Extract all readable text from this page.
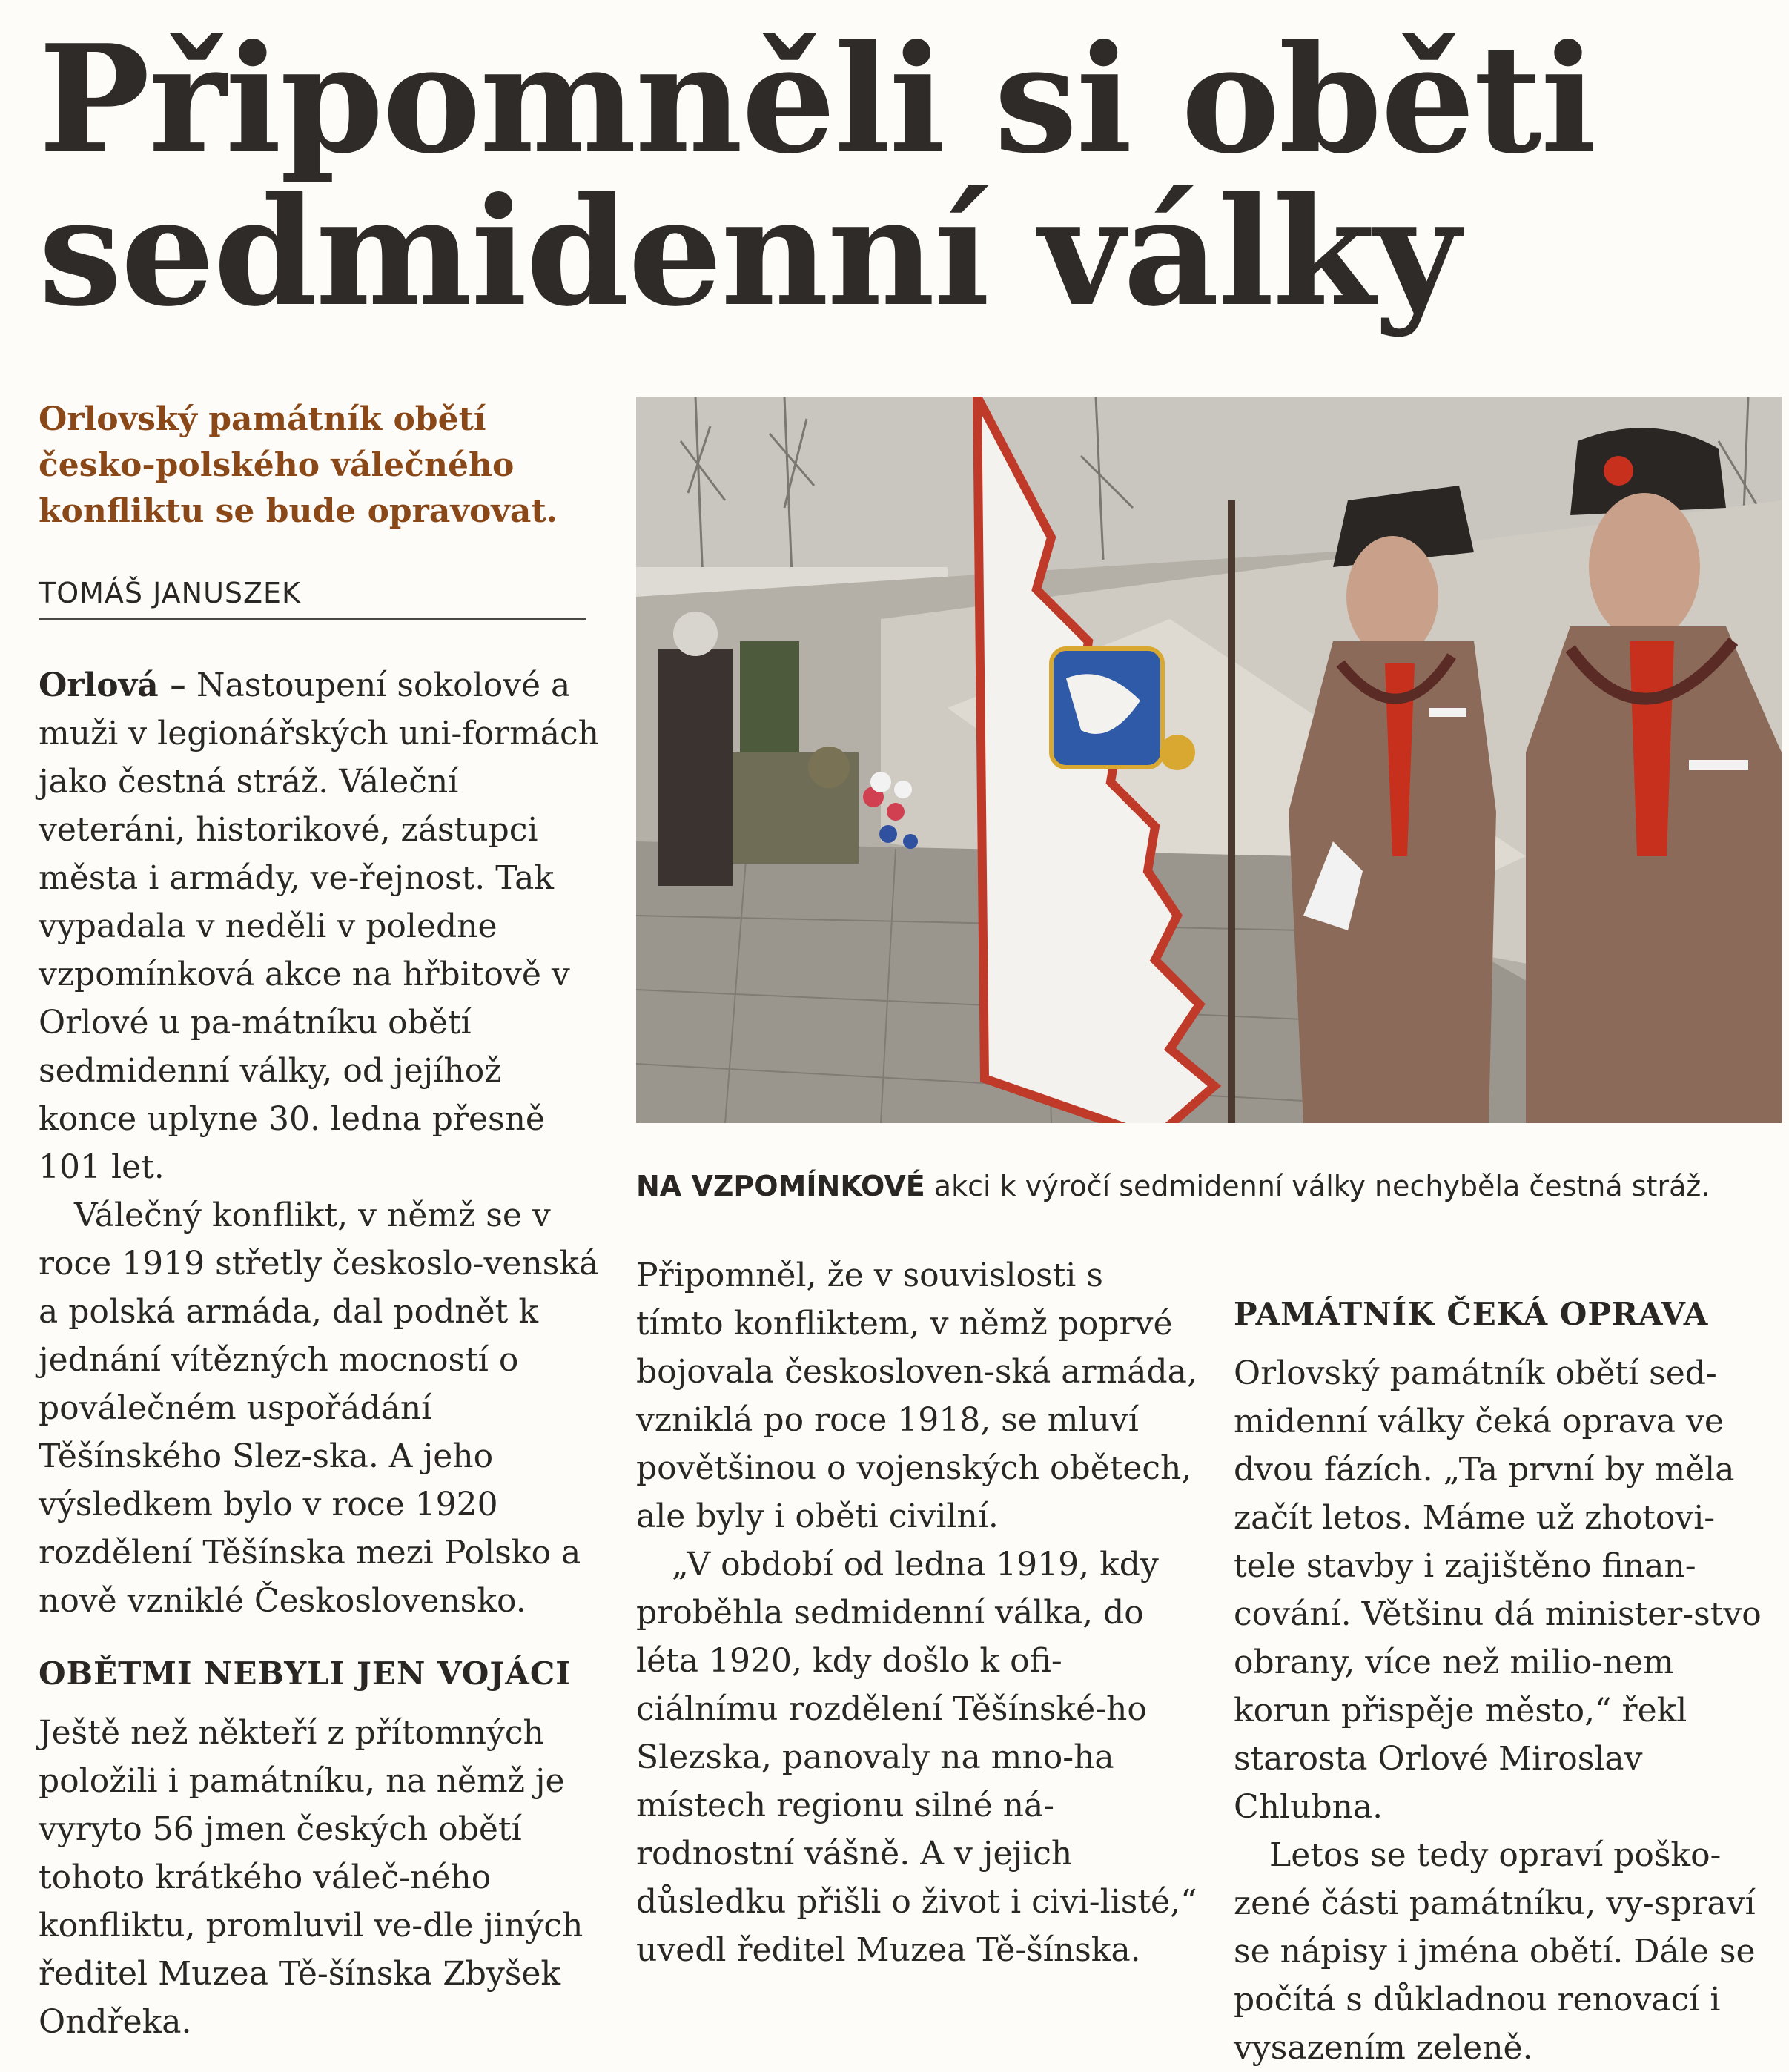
Připomněli si oběti
sedmidenní války
Orlovský památník obětí
česko-polského válečného
konfliktu se bude opravovat.
TOMÁŠ JANUSZEK

Orlová – Nastoupení sokolové a muži v legionářských uni-formách jako čestná stráž. Váleční veteráni, historikové, zástupci města i armády, ve-řejnost. Tak vypadala v neděli v poledne vzpomínková akce na hřbitově v Orlové u pa-mátníku obětí sedmidenní války, od jejíhož konce uplyne 30. ledna přesně 101 let.

Válečný konflikt, v němž se v roce 1919 střetly českoslo-venská a polská armáda, dal podnět k jednání vítězných mocností o poválečném uspořádání Těšínského Slez-ska. A jeho výsledkem bylo v roce 1920 rozdělení Těšínska mezi Polsko a nově vzniklé Československo.

OBĚTMI NEBYLI JEN VOJÁCI

Ještě než někteří z přítomných položili i památníku, na němž je vyryto 56 jmen českých obětí tohoto krátkého váleč-ného konfliktu, promluvil ve-dle jiných ředitel Muzea Tě-šínska Zbyšek Ondřeka.

NA VZPOMÍNKOVÉ akci k výročí sedmidenní války nechyběla čestná stráž.

Připomněl, že v souvislosti s tímto konfliktem, v němž poprvé bojovala českosloven-ská armáda, vzniklá po roce 1918, se mluví povětšinou o vojenských obětech, ale byly i oběti civilní.

„V období od ledna 1919, kdy proběhla sedmidenní válka, do léta 1920, kdy došlo k ofi-ciálnímu rozdělení Těšínské-ho Slezska, panovaly na mno-ha místech regionu silné ná-rodnostní vášně. A v jejich důsledku přišli o život i civi-listé,“ uvedl ředitel Muzea Tě-šínska.

PAMÁTNÍK ČEKÁ OPRAVA

Orlovský památník obětí sed-midenní války čeká oprava ve dvou fázích. „Ta první by měla začít letos. Máme už zhotovi-tele stavby i zajištěno finan-cování. Většinu dá minister-stvo obrany, více než milio-nem korun přispěje město,“ řekl starosta Orlové Miroslav Chlubna.

Letos se tedy opraví poško-zené části památníku, vy-spraví se nápisy i jména obětí. Dále se počítá s důkladnou renovací i vysazením zeleně.
